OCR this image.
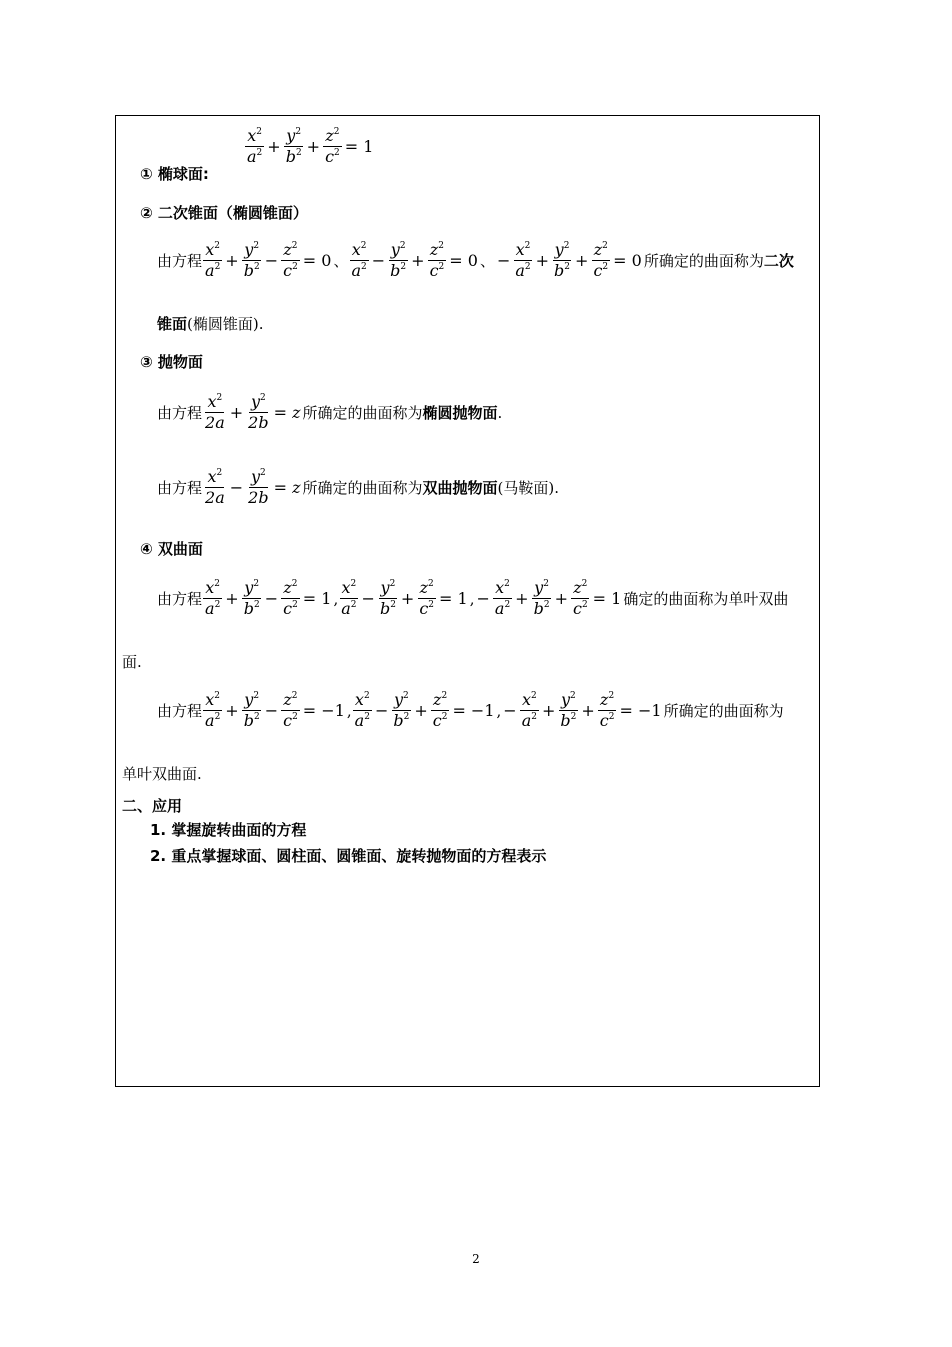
① 椭球面:
$\frac{x^2}{a^2} + \frac{y^2}{b^2} + \frac{z^2}{c^2} = 1$
② 二次锥面（椭圆锥面）
由方程 $\frac{x^2}{a^2} + \frac{y^2}{b^2} - \frac{z^2}{c^2} = 0$ 、 $\frac{x^2}{a^2} - \frac{y^2}{b^2} + \frac{z^2}{c^2} = 0$ 、 − $\frac{x^2}{a^2} + \frac{y^2}{b^2} + \frac{z^2}{c^2} = 0$ 所确定的曲面称为 二次
锥面(椭圆锥面).
③ 抛物面
由方程 $\frac{x^2}{2a} + \frac{y^2}{2b} = z$ 所确定的曲面称为 椭圆抛物面 .
由方程 $\frac{x^2}{2a} - \frac{y^2}{2b} = z$ 所确定的曲面称为 双曲抛物面 (马鞍面).
④ 双曲面
由方程 $\frac{x^2}{a^2} + \frac{y^2}{b^2} - \frac{z^2}{c^2} = 1$ , $\frac{x^2}{a^2} - \frac{y^2}{b^2} + \frac{z^2}{c^2} = 1$ , − $\frac{x^2}{a^2} + \frac{y^2}{b^2} + \frac{z^2}{c^2} = 1$ 确定的曲面称为单叶双曲
面.
由方程 $\frac{x^2}{a^2} + \frac{y^2}{b^2} - \frac{z^2}{c^2} = -1$ , $\frac{x^2}{a^2} - \frac{y^2}{b^2} + \frac{z^2}{c^2} = -1$ , − $\frac{x^2}{a^2} + \frac{y^2}{b^2} + \frac{z^2}{c^2} = -1$ 所确定的曲面称为
单叶双曲面.
二、应用
1. 掌握旋转曲面的方程
2. 重点掌握球面、圆柱面、圆锥面、旋转抛物面的方程表示
2
